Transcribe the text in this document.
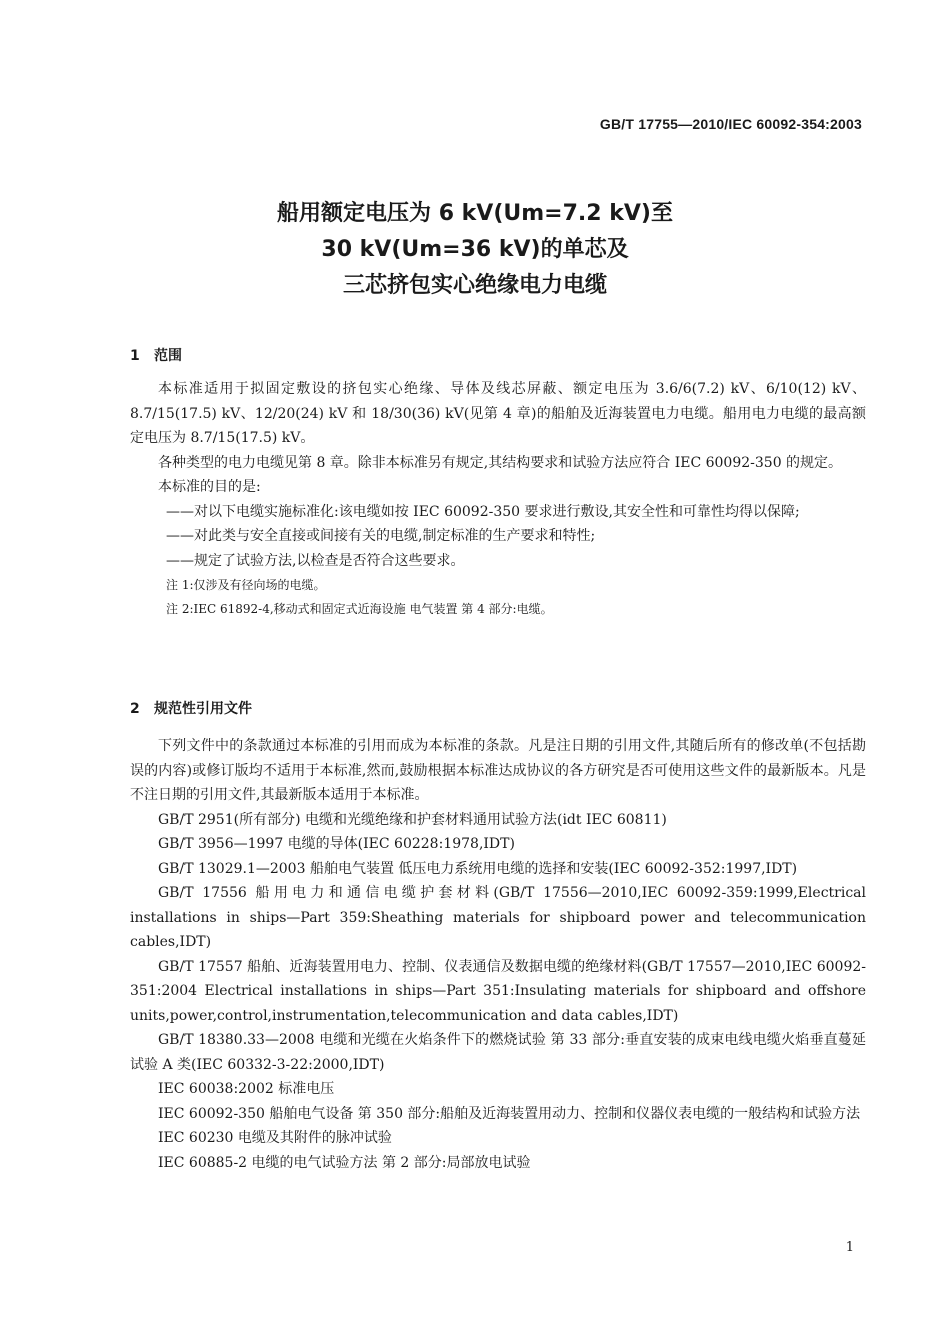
GB/T 17755—2010/IEC 60092-354:2003
船用额定电压为 6 kV(Um=7.2 kV)至
30 kV(Um=36 kV)的单芯及
三芯挤包实心绝缘电力电缆
1 范围

本标准适用于拟固定敷设的挤包实心绝缘、导体及线芯屏蔽、额定电压为 3.6/6(7.2) kV、6/10(12) kV、8.7/15(17.5) kV、12/20(24) kV 和 18/30(36) kV(见第 4 章)的船舶及近海装置电力电缆。船用电力电缆的最高额定电压为 8.7/15(17.5) kV。

各种类型的电力电缆见第 8 章。除非本标准另有规定,其结构要求和试验方法应符合 IEC 60092-350 的规定。

本标准的目的是:

——对以下电缆实施标准化:该电缆如按 IEC 60092-350 要求进行敷设,其安全性和可靠性均得以保障;

——对此类与安全直接或间接有关的电缆,制定标准的生产要求和特性;

——规定了试验方法,以检查是否符合这些要求。

注 1:仅涉及有径向场的电缆。

注 2:IEC 61892-4,移动式和固定式近海设施 电气装置 第 4 部分:电缆。

2 规范性引用文件

下列文件中的条款通过本标准的引用而成为本标准的条款。凡是注日期的引用文件,其随后所有的修改单(不包括勘误的内容)或修订版均不适用于本标准,然而,鼓励根据本标准达成协议的各方研究是否可使用这些文件的最新版本。凡是不注日期的引用文件,其最新版本适用于本标准。

GB/T 2951(所有部分) 电缆和光缆绝缘和护套材料通用试验方法(idt IEC 60811)

GB/T 3956—1997 电缆的导体(IEC 60228:1978,IDT)

GB/T 13029.1—2003 船舶电气装置 低压电力系统用电缆的选择和安装(IEC 60092-352:1997,IDT)

GB/T 17556 船用电力和通信电缆护套材料(GB/T 17556—2010,IEC 60092-359:1999,Electrical installations in ships—Part 359:Sheathing materials for shipboard power and telecommunication cables,IDT)

GB/T 17557 船舶、近海装置用电力、控制、仪表通信及数据电缆的绝缘材料(GB/T 17557—2010,IEC 60092-351:2004 Electrical installations in ships—Part 351:Insulating materials for shipboard and offshore units,power,control,instrumentation,telecommunication and data cables,IDT)

GB/T 18380.33—2008 电缆和光缆在火焰条件下的燃烧试验 第 33 部分:垂直安装的成束电线电缆火焰垂直蔓延试验 A 类(IEC 60332-3-22:2000,IDT)

IEC 60038:2002 标准电压

IEC 60092-350 船舶电气设备 第 350 部分:船舶及近海装置用动力、控制和仪器仪表电缆的一般结构和试验方法

IEC 60230 电缆及其附件的脉冲试验

IEC 60885-2 电缆的电气试验方法 第 2 部分:局部放电试验

1
